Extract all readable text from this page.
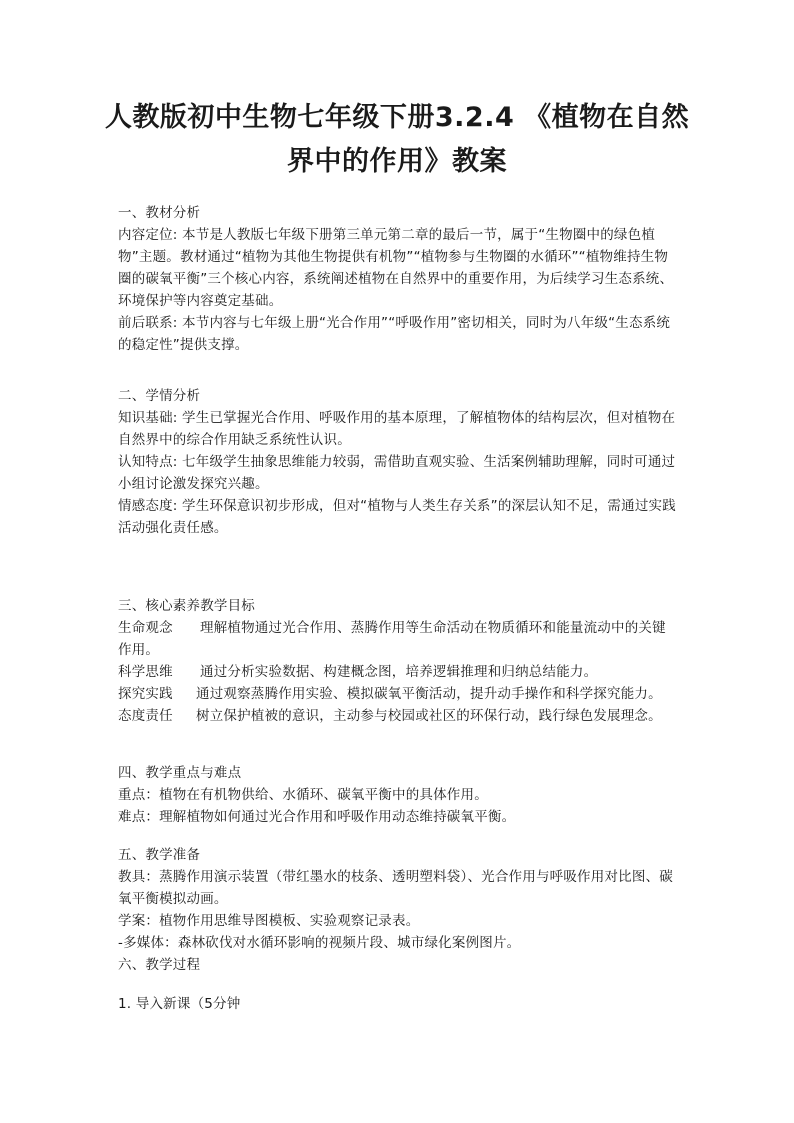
人教版初中生物七年级下册3.2.4 《植物在自然
界中的作用》教案

一、教材分析

内容定位: 本节是人教版七年级下册第三单元第二章的最后一节，属于“生物圈中的绿色植物”主题。教材通过“植物为其他生物提供有机物”“植物参与生物圈的水循环”“植物维持生物圈的碳氧平衡”三个核心内容，系统阐述植物在自然界中的重要作用，为后续学习生态系统、环境保护等内容奠定基础。

前后联系: 本节内容与七年级上册“光合作用”“呼吸作用”密切相关，同时为八年级“生态系统的稳定性”提供支撑。

二、学情分析

知识基础: 学生已掌握光合作用、呼吸作用的基本原理，了解植物体的结构层次，但对植物在自然界中的综合作用缺乏系统性认识。

认知特点: 七年级学生抽象思维能力较弱，需借助直观实验、生活案例辅助理解，同时可通过小组讨论激发探究兴趣。

情感态度: 学生环保意识初步形成，但对“植物与人类生存关系”的深层认知不足，需通过实践活动强化责任感。

三、核心素养教学目标

生命观念 理解植物通过光合作用、蒸腾作用等生命活动在物质循环和能量流动中的关键作用。

科学思维 通过分析实验数据、构建概念图，培养逻辑推理和归纳总结能力。

探究实践 通过观察蒸腾作用实验、模拟碳氧平衡活动，提升动手操作和科学探究能力。

态度责任 树立保护植被的意识，主动参与校园或社区的环保行动，践行绿色发展理念。

四、教学重点与难点

重点：植物在有机物供给、水循环、碳氧平衡中的具体作用。

难点：理解植物如何通过光合作用和呼吸作用动态维持碳氧平衡。

五、教学准备

教具：蒸腾作用演示装置（带红墨水的枝条、透明塑料袋）、光合作用与呼吸作用对比图、碳氧平衡模拟动画。

学案：植物作用思维导图模板、实验观察记录表。

-多媒体：森林砍伐对水循环影响的视频片段、城市绿化案例图片。

六、教学过程

1. 导入新课（5分钟
